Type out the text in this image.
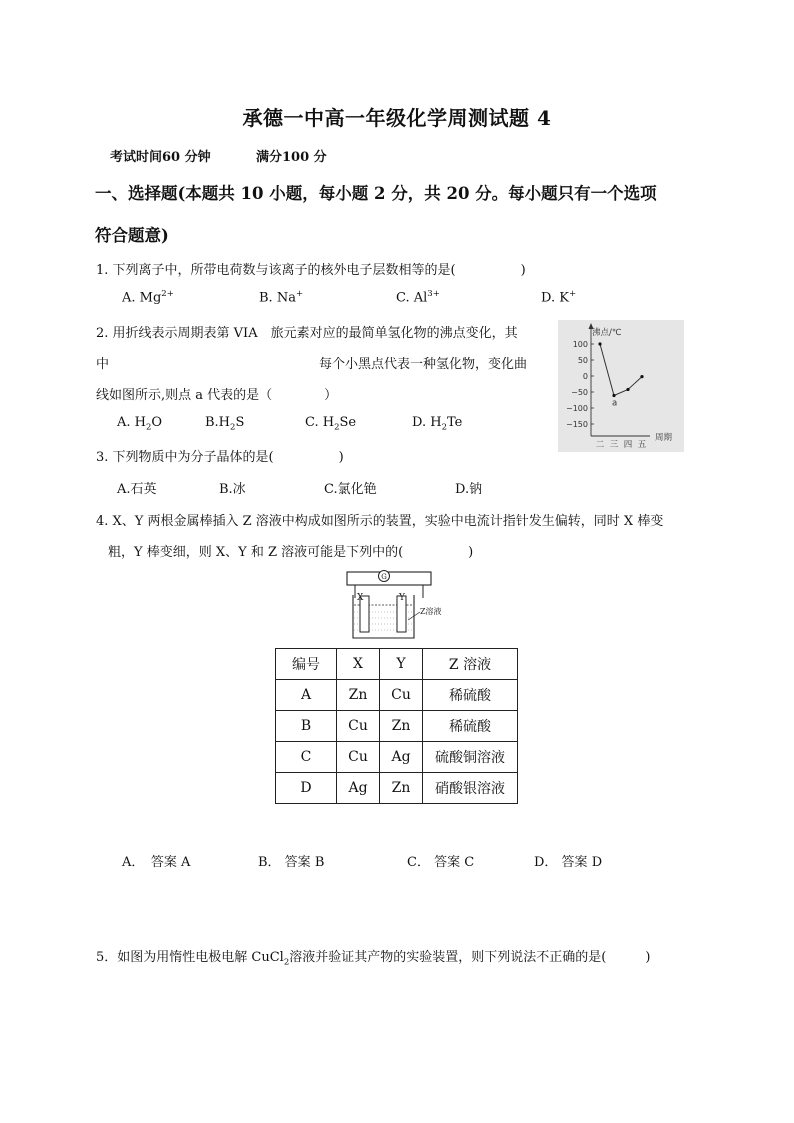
承德一中高一年级化学周测试题 4
考试时间60 分钟	满分100 分
一、选择题(本题共 10 小题，每小题 2 分，共 20 分。每小题只有一个选项
符合题意)
1. 下列离子中，所带电荷数与该离子的核外电子层数相等的是(　　　　　)
A. $Mg^{2+}$	B. Na+	C. $Al^{3+}$	D. K+
2. 用折线表示周期表第 VIA　旅元素对应的最简单氢化物的沸点变化，其
中	每个小黑点代表一种氢化物，变化曲
线如图所示,则点 a 代表的是（　　　　）
A. $H_2O$	$B.H_2S$	C. $H_2Se$	D. $H_2Te$
沸点/℃
周期
100
50
0
−50
−100
−150
二 三 四 五
a
3. 下列物质中为分子晶体的是(　　　　　)
A.石英	B.冰	C.氯化铯	D.钠
4. X、Y 两根金属棒插入 Z 溶液中构成如图所示的装置，实验中电流计指针发生偏转，同时 X 棒变
粗，Y 棒变细，则 X、Y 和 Z 溶液可能是下列中的(　　　　　)
G
X	Y
Z溶液
编号	X	Y	Z 溶液
A	Zn	Cu	稀硫酸
B	Cu	Zn	稀硫酸
C	Cu	Ag	硫酸铜溶液
D	Ag	Zn	硝酸银溶液
A．　答案 A	B． 答案 B	C． 答案 C	D． 答案 D
5．如图为用惰性电极电解 CuCl$_2$溶液并验证其产物的实验装置，则下列说法不正确的是(　　　)
